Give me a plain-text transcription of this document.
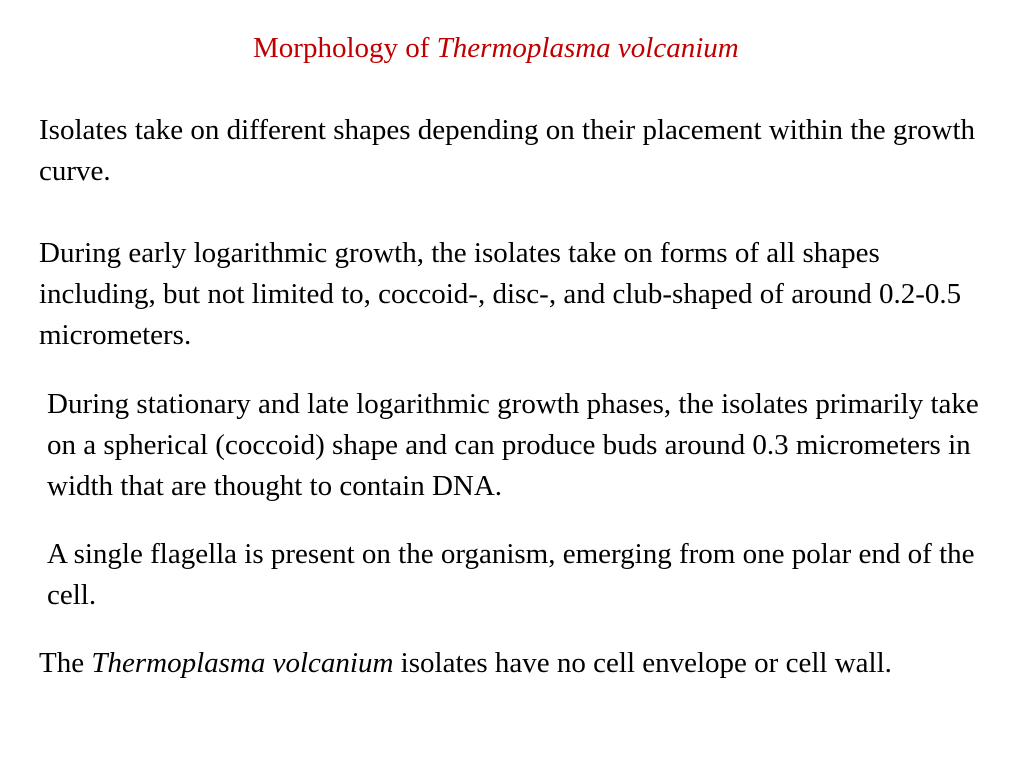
Morphology of Thermoplasma volcanium

Isolates take on different shapes depending on their placement within the growth curve.

During early logarithmic growth, the isolates take on forms of all shapes including, but not limited to, coccoid-, disc-, and club-shaped of around 0.2-0.5 micrometers.

During stationary and late logarithmic growth phases, the isolates primarily take on a spherical (coccoid) shape and can produce buds around 0.3 micrometers in width that are thought to contain DNA.

A single flagella is present on the organism, emerging from one polar end of the cell.

The Thermoplasma volcanium isolates have no cell envelope or cell wall.
